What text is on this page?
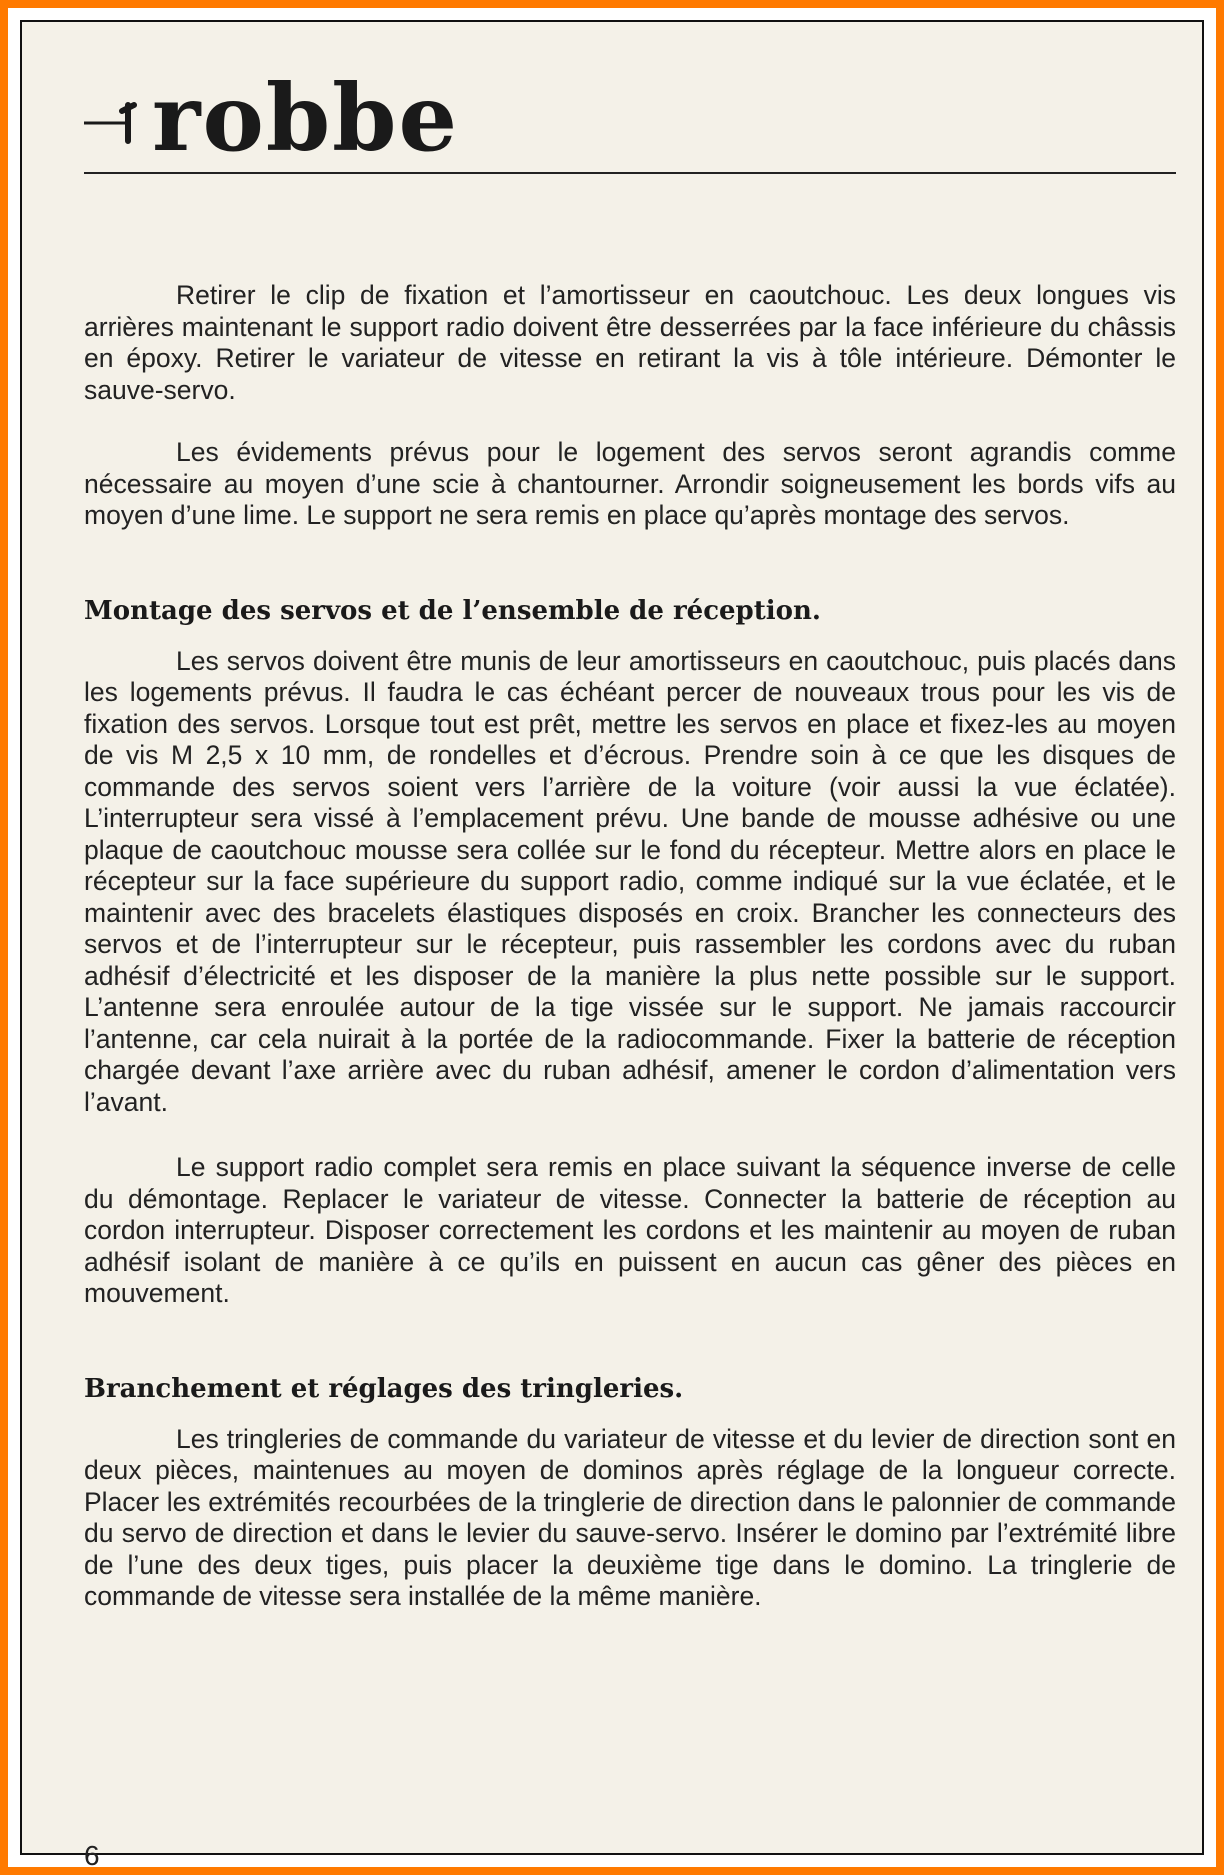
robbe

Retirer le clip de fixation et l’amortisseur en caoutchouc. Les deux longues vis arrières maintenant le support radio doivent être desserrées par la face inférieure du châssis en époxy. Retirer le variateur de vitesse en retirant la vis à tôle intérieure. Démonter le sauve-servo.

Les évidements prévus pour le logement des servos seront agrandis comme nécessaire au moyen d’une scie à chantourner. Arrondir soigneusement les bords vifs au moyen d’une lime. Le support ne sera remis en place qu’après montage des servos.

Montage des servos et de l’ensemble de réception.

Les servos doivent être munis de leur amortisseurs en caoutchouc, puis placés dans les logements prévus. Il faudra le cas échéant percer de nouveaux trous pour les vis de fixation des servos. Lorsque tout est prêt, mettre les servos en place et fixez-les au moyen de vis M 2,5 x 10 mm, de rondelles et d’écrous. Prendre soin à ce que les disques de commande des servos soient vers l’arrière de la voiture (voir aussi la vue éclatée). L’interrupteur sera vissé à l’emplacement prévu. Une bande de mousse adhésive ou une plaque de caoutchouc mousse sera collée sur le fond du récepteur. Mettre alors en place le récepteur sur la face supérieure du support radio, comme indiqué sur la vue éclatée, et le maintenir avec des bracelets élastiques disposés en croix. Brancher les connecteurs des servos et de l’interrupteur sur le récepteur, puis rassembler les cordons avec du ruban adhésif d’électricité et les disposer de la manière la plus nette possible sur le support. L’antenne sera enroulée autour de la tige vissée sur le support. Ne jamais raccourcir l’antenne, car cela nuirait à la portée de la radiocommande. Fixer la batterie de réception chargée devant l’axe arrière avec du ruban adhésif, amener le cordon d’alimentation vers l’avant.

Le support radio complet sera remis en place suivant la séquence inverse de celle du démontage. Replacer le variateur de vitesse. Connecter la batterie de réception au cordon interrupteur. Disposer correctement les cordons et les maintenir au moyen de ruban adhésif isolant de manière à ce qu’ils en puissent en aucun cas gêner des pièces en mouvement.

Branchement et réglages des tringleries.

Les tringleries de commande du variateur de vitesse et du levier de direction sont en deux pièces, maintenues au moyen de dominos après réglage de la longueur correcte. Placer les extrémités recourbées de la tringlerie de direction dans le palonnier de commande du servo de direction et dans le levier du sauve-servo. Insérer le domino par l’extrémité libre de l’une des deux tiges, puis placer la deuxième tige dans le domino. La tringlerie de commande de vitesse sera installée de la même manière.

6
